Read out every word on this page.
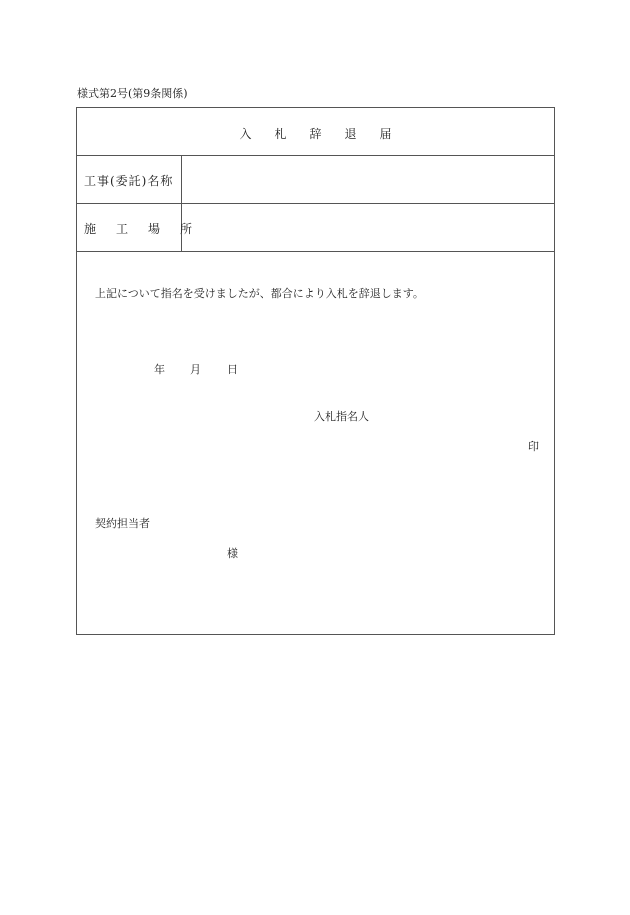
様式第2号(第9条関係)
入札辞退届
工事(委託)名称
施工場所
上記について指名を受けましたが、都合により入札を辞退します。
年 月 日
入札指名人
印
契約担当者
様
